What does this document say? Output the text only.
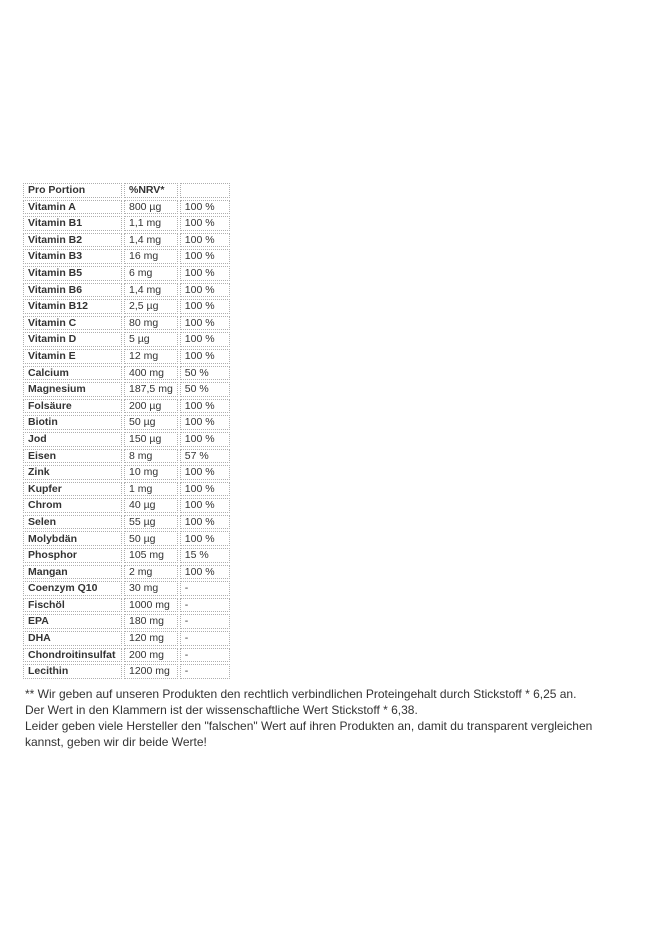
Pro Portion	%NRV*	
Vitamin A	800 µg	100 %
Vitamin B1	1,1 mg	100 %
Vitamin B2	1,4 mg	100 %
Vitamin B3	16 mg	100 %
Vitamin B5	6 mg	100 %
Vitamin B6	1,4 mg	100 %
Vitamin B12	2,5 µg	100 %
Vitamin C	80 mg	100 %
Vitamin D	5 µg	100 %
Vitamin E	12 mg	100 %
Calcium	400 mg	50 %
Magnesium	187,5 mg	50 %
Folsäure	200 µg	100 %
Biotin	50 µg	100 %
Jod	150 µg	100 %
Eisen	8 mg	57 %
Zink	10 mg	100 %
Kupfer	1 mg	100 %
Chrom	40 µg	100 %
Selen	55 µg	100 %
Molybdän	50 µg	100 %
Phosphor	105 mg	15 %
Mangan	2 mg	100 %
Coenzym Q10	30 mg	-
Fischöl	1000 mg	-
EPA	180 mg	-
DHA	120 mg	-
Chondroitinsulfat	200 mg	-
Lecithin	1200 mg	-
** Wir geben auf unseren Produkten den rechtlich verbindlichen Proteingehalt durch Stickstoff * 6,25 an.
Der Wert in den Klammern ist der wissenschaftliche Wert Stickstoff * 6,38.
Leider geben viele Hersteller den "falschen" Wert auf ihren Produkten an, damit du transparent vergleichen
kannst, geben wir dir beide Werte!
